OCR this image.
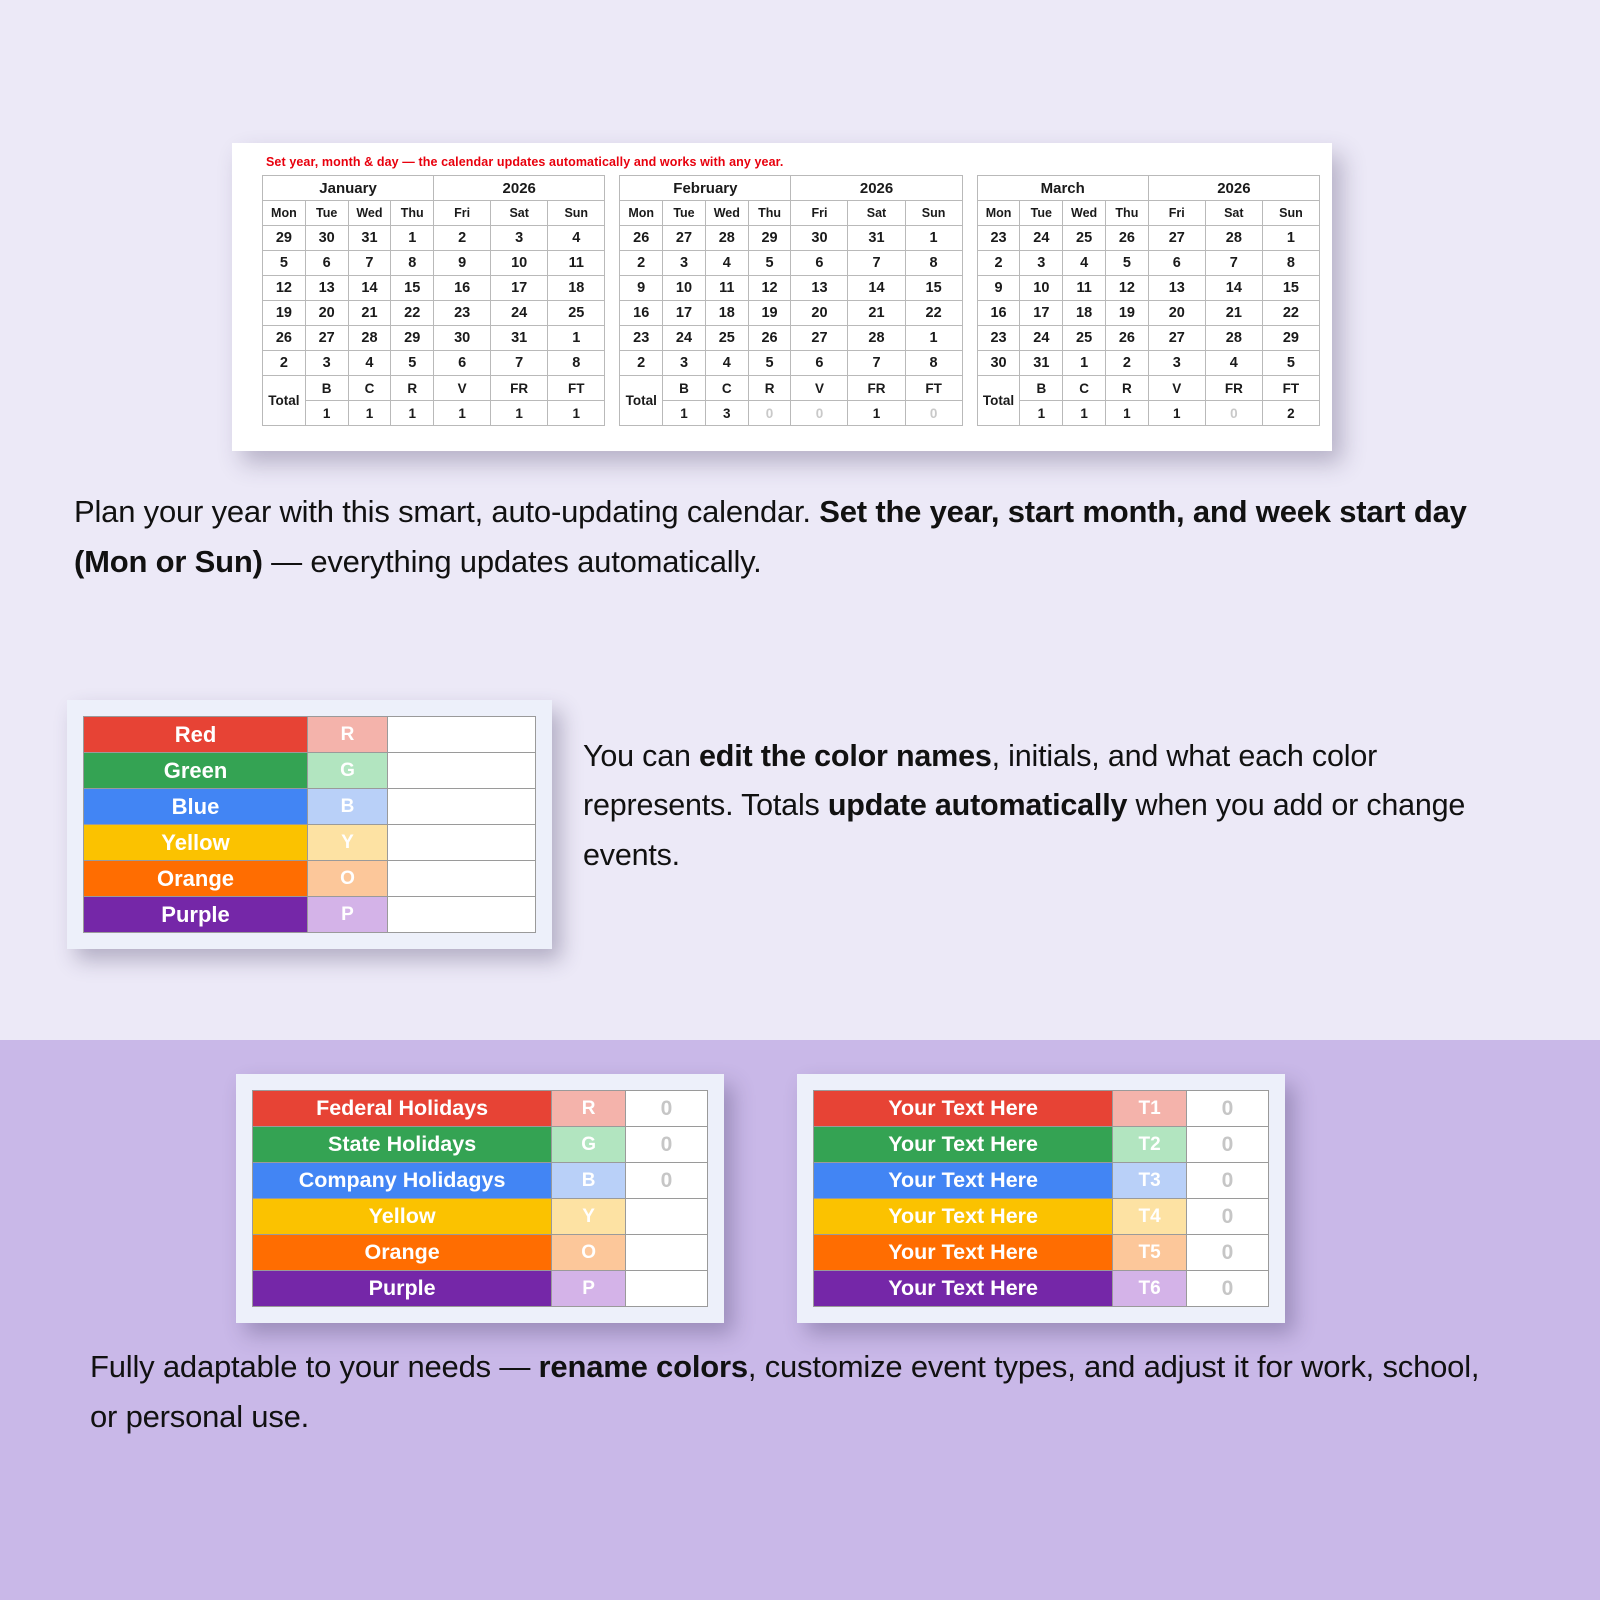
Set year, month & day — the calendar updates automatically and works with any year.
January				2026		
Mon	Tue	Wed	Thu	Fri	Sat	Sun
29	30	31	1	2	3	4
5	6	7	8	9	10	11
12	13	14	15	16	17	18
19	20	21	22	23	24	25
26	27	28	29	30	31	1
2	3	4	5	6	7	8
Total	B	C	R	V	FR	FT
	1	1	1	1	1	1
February				2026		
Mon	Tue	Wed	Thu	Fri	Sat	Sun
26	27	28	29	30	31	1
2	3	4	5	6	7	8
9	10	11	12	13	14	15
16	17	18	19	20	21	22
23	24	25	26	27	28	1
2	3	4	5	6	7	8
Total	B	C	R	V	FR	FT
	1	3	0	0	1	0
March				2026		
Mon	Tue	Wed	Thu	Fri	Sat	Sun
23	24	25	26	27	28	1
2	3	4	5	6	7	8
9	10	11	12	13	14	15
16	17	18	19	20	21	22
23	24	25	26	27	28	29
30	31	1	2	3	4	5
Total	B	C	R	V	FR	FT
	1	1	1	1	0	2
Plan your year with this smart, auto-updating calendar. Set the year, start month, and week start day (Mon or Sun) — everything updates automatically.
Red	R	7
Green	G	5
Blue	B	4
Yellow	Y	4
Orange	O	2
Purple	P	3
You can edit the color names, initials, and what each color represents. Totals update automatically when you add or change events.
Federal Holidays	R	0
State Holidays	G	0
Company Holidagys	B	0
Yellow	Y	4
Orange	O	2
Purple	P	3
Your Text Here	T1	0
Your Text Here	T2	0
Your Text Here	T3	0
Your Text Here	T4	0
Your Text Here	T5	0
Your Text Here	T6	0
Fully adaptable to your needs — rename colors, customize event types, and adjust it for work, school, or personal use.
